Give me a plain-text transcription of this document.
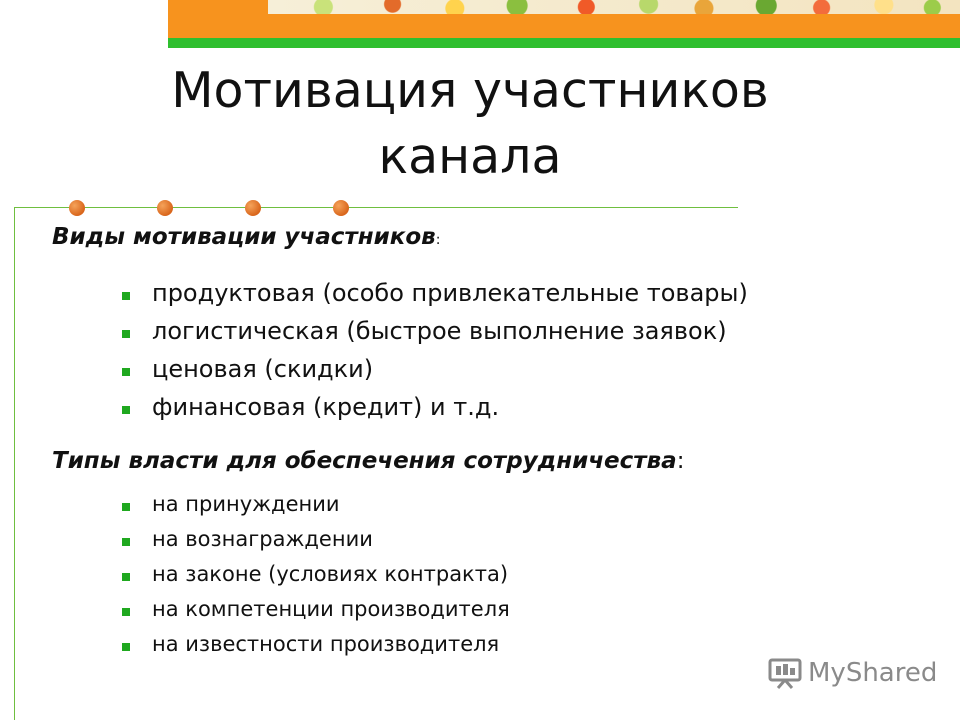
Мотивация участников
канала
Виды мотивации участников:
продуктовая (особо привлекательные товары)
логистическая (быстрое выполнение заявок)
ценовая (скидки)
финансовая (кредит) и т.д.
Типы власти для обеспечения сотрудничества:
на принуждении
на вознаграждении
на законе (условиях контракта)
на компетенции производителя
на известности производителя
MyShared
